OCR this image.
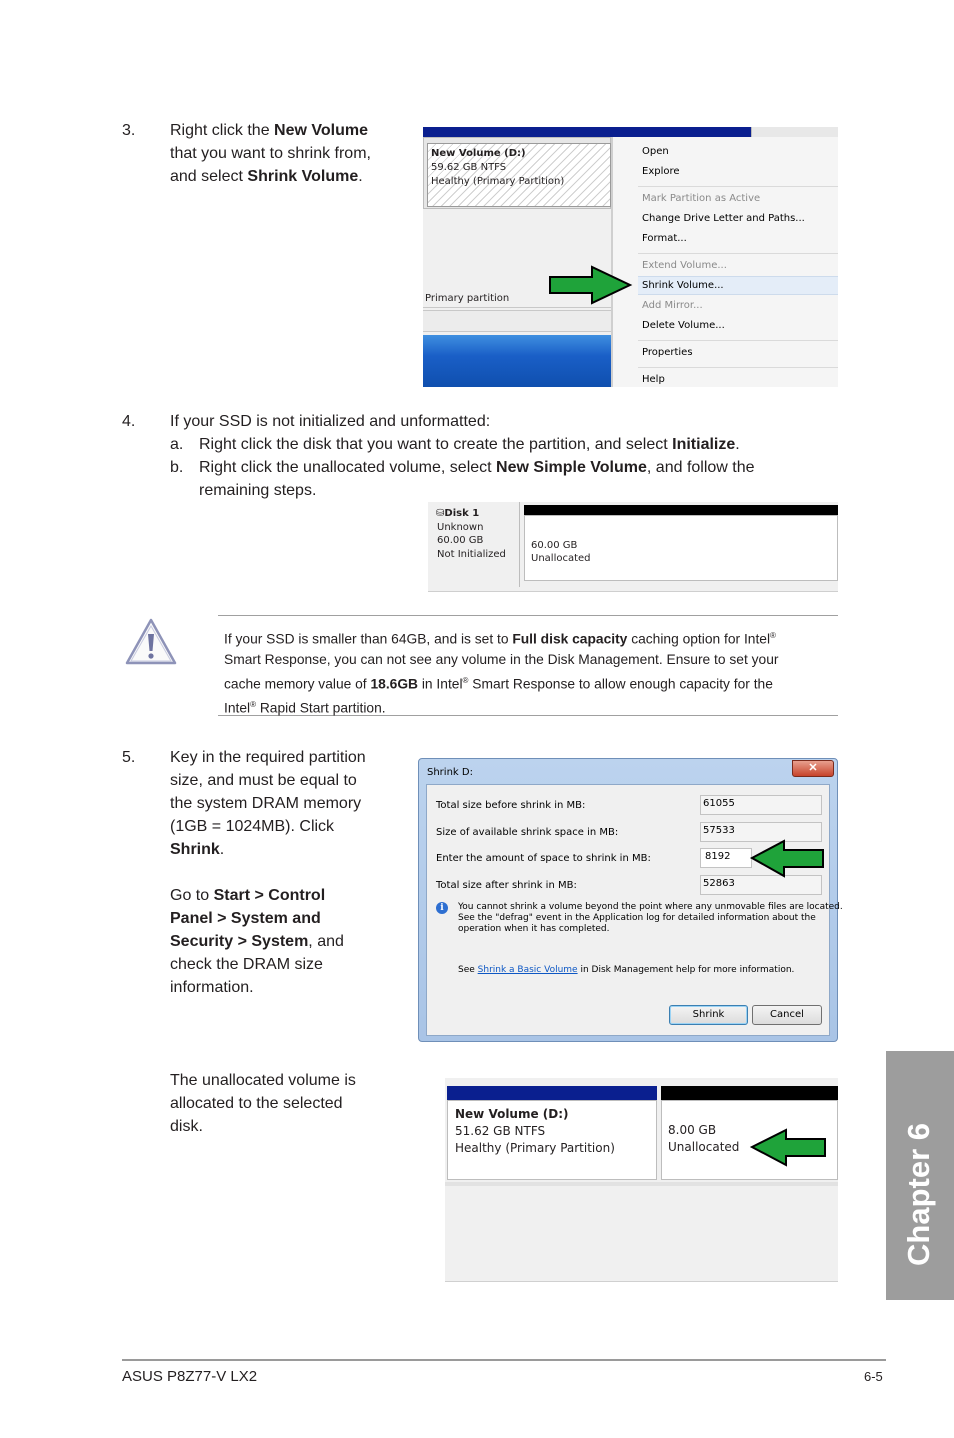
3. Right click the New Volume
that you want to shrink from,
and select Shrink Volume.
New Volume (D:)
59.62 GB NTFS
Healthy (Primary Partition)
Primary partition
Open
Explore
Mark Partition as Active
Change Drive Letter and Paths...
Format...
Extend Volume...
Shrink Volume...
Add Mirror...
Delete Volume...
Properties
Help
4. If your SSD is not initialized and unformatted:
a. Right click the disk that you want to create the partition, and select Initialize.
b. Right click the unallocated volume, select New Simple Volume, and follow the
remaining steps.
⛁Disk 1
Unknown
60.00 GB
Not Initialized
60.00 GB
Unallocated
If your SSD is smaller than 64GB, and is set to Full disk capacity caching option for Intel®
Smart Response, you can not see any volume in the Disk Management. Ensure to set your
cache memory value of 18.6GB in Intel® Smart Response to allow enough capacity for the
Intel® Rapid Start partition.
5. Key in the required partition
size, and must be equal to
the system DRAM memory
(1GB = 1024MB). Click
Shrink.
Go to Start > Control
Panel > System and
Security > System, and
check the DRAM size
information.
Shrink D:	✕
Total size before shrink in MB:	61055
Size of available shrink space in MB:	57533
Enter the amount of space to shrink in MB:	8192
Total size after shrink in MB:	52863
i	You cannot shrink a volume beyond the point where any unmovable files are located.
See the "defrag" event in the Application log for detailed information about the
operation when it has completed.
See Shrink a Basic Volume in Disk Management help for more information.
Shrink	Cancel
The unallocated volume is
allocated to the selected
disk.
New Volume (D:)
51.62 GB NTFS
Healthy (Primary Partition)
8.00 GB
Unallocated	Chapter 6
ASUS P8Z77-V LX2	6-5
